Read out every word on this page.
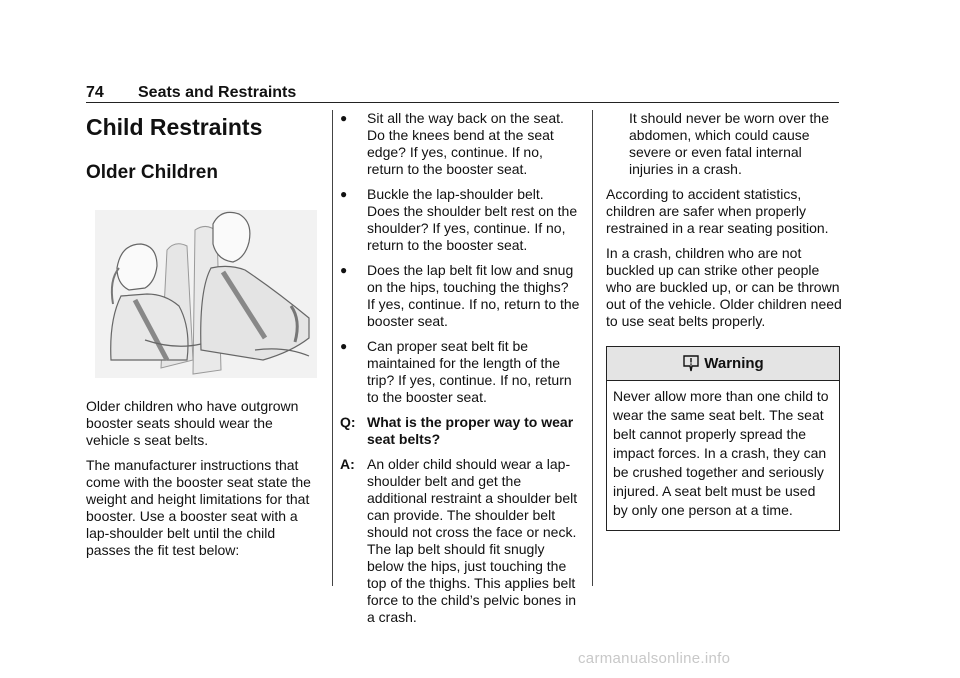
74 Seats and Restraints
Child Restraints
Older Children

Older children who have outgrown booster seats should wear the vehicle s seat belts.

The manufacturer instructions that come with the booster seat state the weight and height limitations for that booster. Use a booster seat with a lap-shoulder belt until the child passes the fit test below:

● Sit all the way back on the seat. Do the knees bend at the seat edge? If yes, continue. If no, return to the booster seat.
● Buckle the lap-shoulder belt. Does the shoulder belt rest on the shoulder? If yes, continue. If no, return to the booster seat.
● Does the lap belt fit low and snug on the hips, touching the thighs? If yes, continue. If no, return to the booster seat.
● Can proper seat belt fit be maintained for the length of the trip? If yes, continue. If no, return to the booster seat.
Q: What is the proper way to wear seat belts?
A: An older child should wear a lap-shoulder belt and get the additional restraint a shoulder belt can provide. The shoulder belt should not cross the face or neck. The lap belt should fit snugly below the hips, just touching the top of the thighs. This applies belt force to the child’s pelvic bones in a crash.
It should never be worn over the abdomen, which could cause severe or even fatal internal injuries in a crash.

According to accident statistics, children are safer when properly restrained in a rear seating position.

In a crash, children who are not buckled up can strike other people who are buckled up, or can be thrown out of the vehicle. Older children need to use seat belts properly.

Warning
Never allow more than one child to wear the same seat belt. The seat belt cannot properly spread the impact forces. In a crash, they can be crushed together and seriously injured. A seat belt must be used by only one person at a time.
carmanualsonline.info
